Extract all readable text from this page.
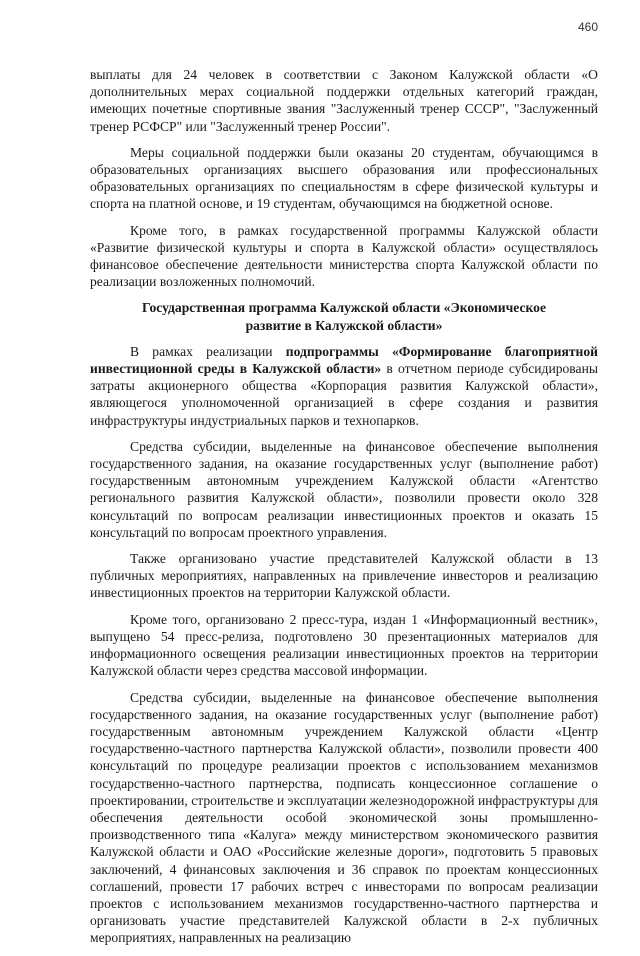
460

выплаты для 24 человек в соответствии с Законом Калужской области «О дополнительных мерах социальной поддержки отдельных категорий граждан, имеющих почетные спортивные звания "Заслуженный тренер СССР", "Заслуженный тренер РСФСР" или "Заслуженный тренер России".

Меры социальной поддержки были оказаны 20 студентам, обучающимся в образовательных организациях высшего образования или профессиональных образовательных организациях по специальностям в сфере физической культуры и спорта на платной основе, и 19 студентам, обучающимся на бюджетной основе.

Кроме того, в рамках государственной программы Калужской области «Развитие физической культуры и спорта в Калужской области» осуществлялось финансовое обеспечение деятельности министерства спорта Калужской области по реализации возложенных полномочий.

Государственная программа Калужской области «Экономическое развитие в Калужской области»

В рамках реализации подпрограммы «Формирование благоприятной инвестиционной среды в Калужской области» в отчетном периоде субсидированы затраты акционерного общества «Корпорация развития Калужской области», являющегося уполномоченной организацией в сфере создания и развития инфраструктуры индустриальных парков и технопарков.

Средства субсидии, выделенные на финансовое обеспечение выполнения государственного задания, на оказание государственных услуг (выполнение работ) государственным автономным учреждением Калужской области «Агентство регионального развития Калужской области», позволили провести около 328 консультаций по вопросам реализации инвестиционных проектов и оказать 15 консультаций по вопросам проектного управления.

Также организовано участие представителей Калужской области в 13 публичных мероприятиях, направленных на привлечение инвесторов и реализацию инвестиционных проектов на территории Калужской области.

Кроме того, организовано 2 пресс-тура, издан 1 «Информационный вестник», выпущено 54 пресс-релиза, подготовлено 30 презентационных материалов для информационного освещения реализации инвестиционных проектов на территории Калужской области через средства массовой информации.

Средства субсидии, выделенные на финансовое обеспечение выполнения государственного задания, на оказание государственных услуг (выполнение работ) государственным автономным учреждением Калужской области «Центр государственно-частного партнерства Калужской области», позволили провести 400 консультаций по процедуре реализации проектов с использованием механизмов государственно-частного партнерства, подписать концессионное соглашение о проектировании, строительстве и эксплуатации железнодорожной инфраструктуры для обеспечения деятельности особой экономической зоны промышленно-производственного типа «Калуга» между министерством экономического развития Калужской области и ОАО «Российские железные дороги», подготовить 5 правовых заключений, 4 финансовых заключения и 36 справок по проектам концессионных соглашений, провести 17 рабочих встреч с инвесторами по вопросам реализации проектов с использованием механизмов государственно-частного партнерства и организовать участие представителей Калужской области в 2-х публичных мероприятиях, направленных на реализацию
